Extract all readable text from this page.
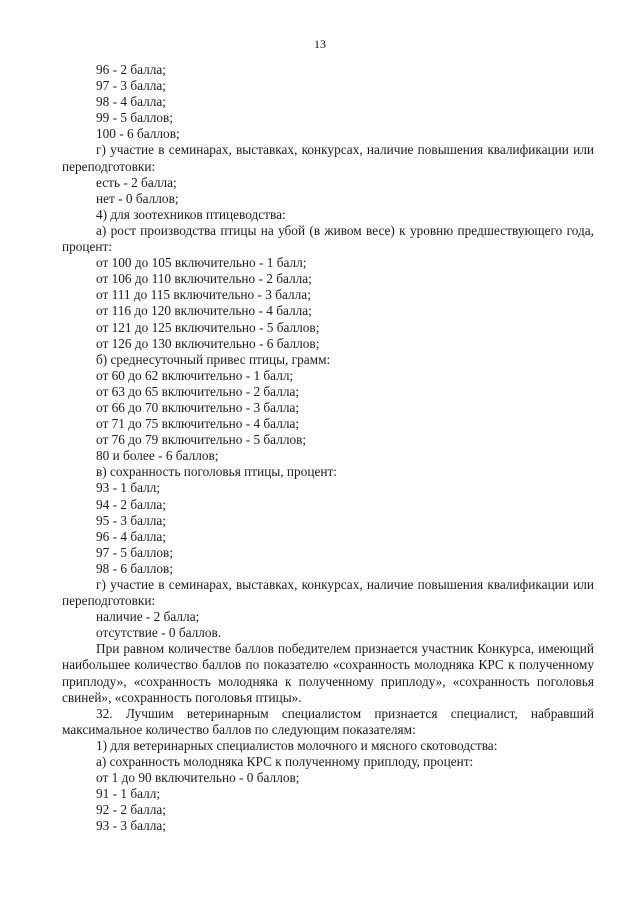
13
96 - 2 балла;
97 - 3 балла;
98 - 4 балла;
99 - 5 баллов;
100 - 6 баллов;
г) участие в семинарах, выставках, конкурсах, наличие повышения квалификации или переподготовки:
есть - 2 балла;
нет - 0 баллов;
4) для зоотехников птицеводства:
а) рост производства птицы на убой (в живом весе) к уровню предшествующего года, процент:
от 100 до 105 включительно - 1 балл;
от 106 до 110 включительно - 2 балла;
от 111 до 115 включительно - 3 балла;
от 116 до 120 включительно - 4 балла;
от 121 до 125 включительно - 5 баллов;
от 126 до 130 включительно - 6 баллов;
б) среднесуточный привес птицы, грамм:
от 60 до 62 включительно - 1 балл;
от 63 до 65 включительно - 2 балла;
от 66 до 70 включительно - 3 балла;
от 71 до 75 включительно - 4 балла;
от 76 до 79 включительно - 5 баллов;
80 и более - 6 баллов;
в) сохранность поголовья птицы, процент:
93 - 1 балл;
94 - 2 балла;
95 - 3 балла;
96 - 4 балла;
97 - 5 баллов;
98 - 6 баллов;
г) участие в семинарах, выставках, конкурсах, наличие повышения квалификации или переподготовки:
наличие - 2 балла;
отсутствие - 0 баллов.
При равном количестве баллов победителем признается участник Конкурса, имеющий наибольшее количество баллов по показателю «сохранность молодняка КРС к полученному приплоду», «сохранность молодняка к полученному приплоду», «сохранность поголовья свиней», «сохранность поголовья птицы».
32. Лучшим ветеринарным специалистом признается специалист, набравший максимальное количество баллов по следующим показателям:
1) для ветеринарных специалистов молочного и мясного скотоводства:
а) сохранность молодняка КРС к полученному приплоду, процент:
от 1 до 90 включительно - 0 баллов;
91 - 1 балл;
92 - 2 балла;
93 - 3 балла;
